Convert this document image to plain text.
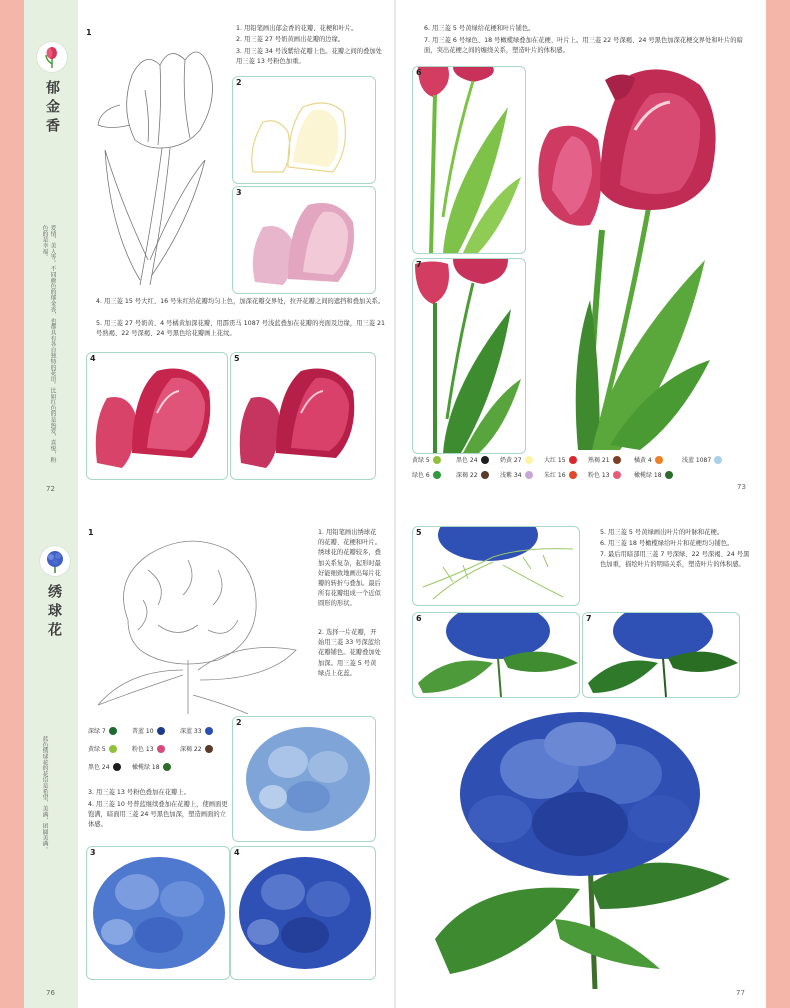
郁金香
爱情、美人等。不同颜色的郁金香，也都具有各自独特的花语。比如红色的是热爱、喜悦，粉色的是幸福。
72	73
1	1. 用铅笔画出郁金香的花瓣、花梗和叶片。
2. 用三菱 27 号奶黄画出花瓣的边缘。
3. 用三菱 34 号浅紫给花瓣上色。花瓣之间的叠加处用三菱 13 号粉色加重。
2
3
4. 用三菱 15 号大红、16 号朱红给花瓣均匀上色，加深花瓣交界处，拉开花瓣之间的遮挡和叠加关系。
5. 用三菱 27 号奶黄、4 号橘黄加深花瓣，用霹雳马 1087 号浅蓝叠加在花瓣的亮面及边缘，用三菱 21 号熟褐、22 号深褐、24 号黑色给花瓣画上花纹。
4	5
6. 用三菱 5 号黄绿给花梗和叶片铺色。
7. 用三菱 6 号绿色、18 号橄榄绿叠加在花梗、叶片上。用三菱 22 号深褐、24 号黑色加深花梗交界处和叶片的暗面，突出花梗之间的缠绕关系，塑造叶片的体积感。
6
7
黄绿 5	黑色 24	奶黄 27	大红 15	熟褐 21	橘黄 4	浅蓝 1087
绿色 6	深褐 22	浅紫 34	朱红 16	粉色 13	橄榄绿 18
绣球花
蓝色绣球花的花语是希望、美满、团圆美满。
76	77
1	1. 用铅笔画出绣球花的花瓣、花梗和叶片。绣球花的花瓣较多，叠加关系复杂，起形时最好能细致地画出每片花瓣的转折与叠加。最后所有花瓣组成一个近似圆形的形状。
2. 选择一片花瓣，开始用三菱 33 号深蓝给花瓣铺色。花瓣叠加处加深。用三菱 5 号黄绿点上花蕊。
深绿 7	普蓝 10	深蓝 33
黄绿 5	粉色 13	深褐 22
黑色 24	橄榄绿 18
3. 用三菱 13 号粉色叠加在花瓣上。
4. 用三菱 10 号普蓝继续叠加在花瓣上，使画面更饱满，暗面用三菱 24 号黑色加深，塑造画面的立体感。
2
3	4
5
6	7
5. 用三菱 5 号黄绿画出叶片的叶脉和花梗。
6. 用三菱 18 号橄榄绿给叶片和花梗均匀铺色。
7. 最后用暗部用三菱 7 号深绿、22 号深褐、24 号黑色加重，描绘叶片的明暗关系，塑造叶片的体积感。
